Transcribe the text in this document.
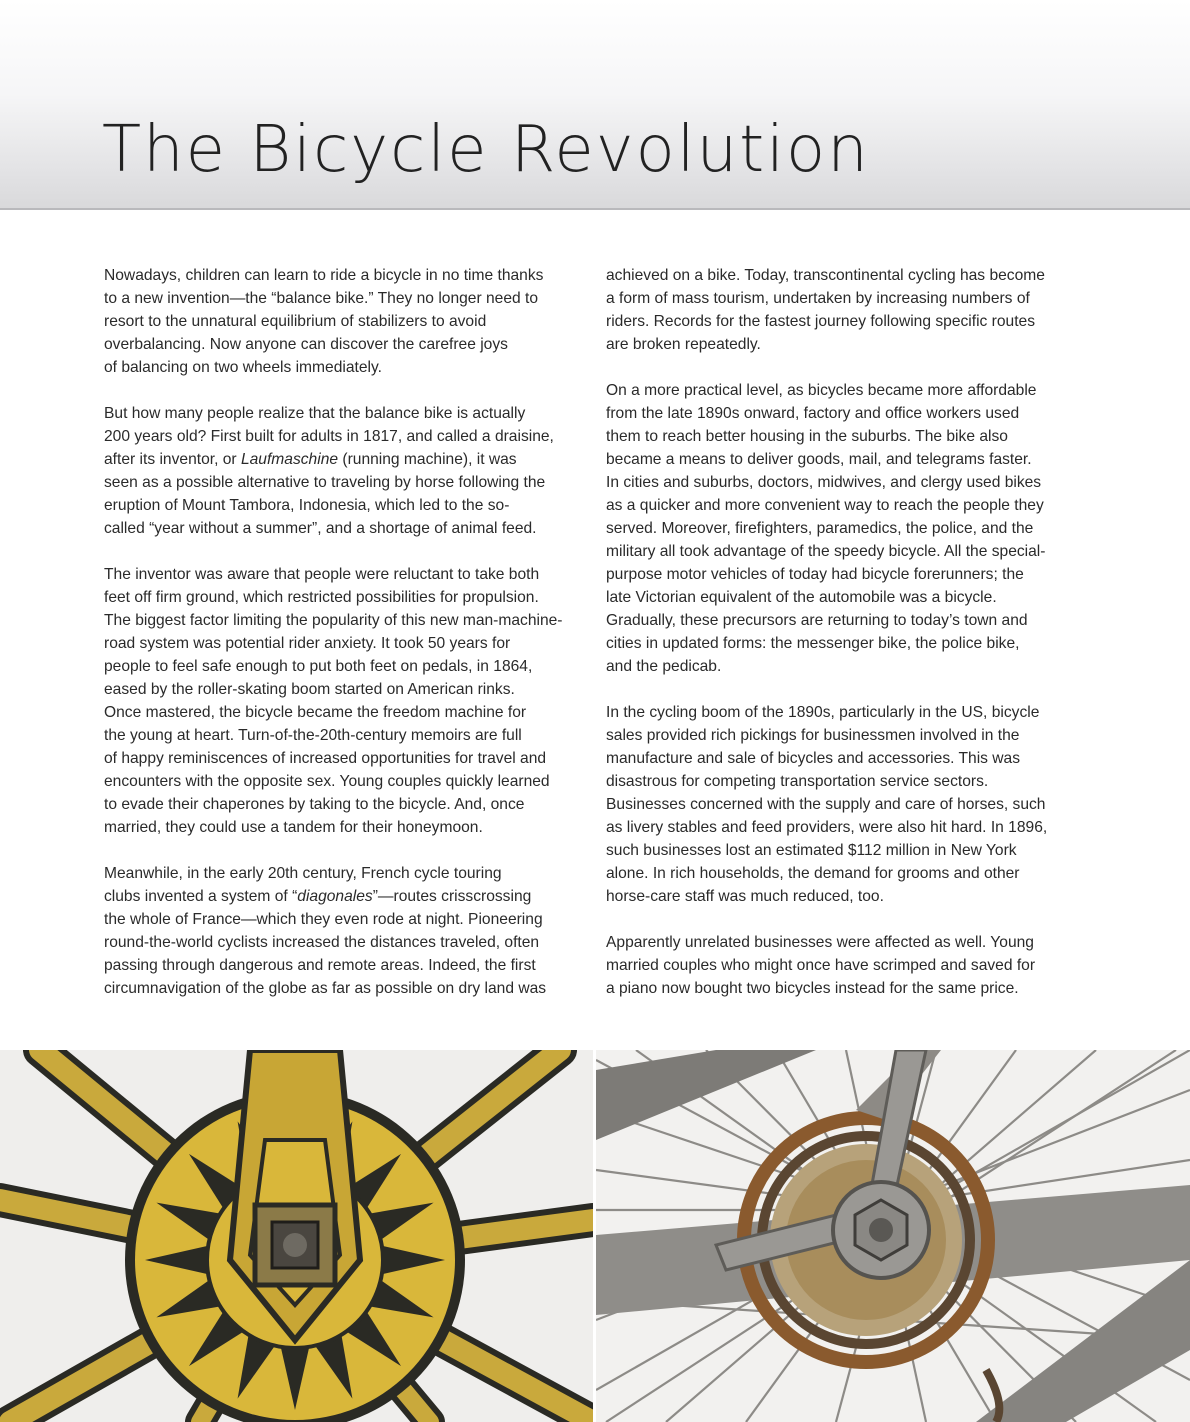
The Bicycle Revolution

Nowadays, children can learn to ride a bicycle in no time thanks
to a new invention—the “balance bike.” They no longer need to
resort to the unnatural equilibrium of stabilizers to avoid
overbalancing. Now anyone can discover the carefree joys
of balancing on two wheels immediately.

But how many people realize that the balance bike is actually
200 years old? First built for adults in 1817, and called a draisine,
after its inventor, or Laufmaschine (running machine), it was
seen as a possible alternative to traveling by horse following the
eruption of Mount Tambora, Indonesia, which led to the so-
called “year without a summer”, and a shortage of animal feed.

The inventor was aware that people were reluctant to take both
feet off firm ground, which restricted possibilities for propulsion.
The biggest factor limiting the popularity of this new man-machine-
road system was potential rider anxiety. It took 50 years for
people to feel safe enough to put both feet on pedals, in 1864,
eased by the roller-skating boom started on American rinks.
Once mastered, the bicycle became the freedom machine for
the young at heart. Turn-of-the-20th-century memoirs are full
of happy reminiscences of increased opportunities for travel and
encounters with the opposite sex. Young couples quickly learned
to evade their chaperones by taking to the bicycle. And, once
married, they could use a tandem for their honeymoon.

Meanwhile, in the early 20th century, French cycle touring
clubs invented a system of “diagonales”—routes crisscrossing
the whole of France—which they even rode at night. Pioneering
round-the-world cyclists increased the distances traveled, often
passing through dangerous and remote areas. Indeed, the first
circumnavigation of the globe as far as possible on dry land was

achieved on a bike. Today, transcontinental cycling has become
a form of mass tourism, undertaken by increasing numbers of
riders. Records for the fastest journey following specific routes
are broken repeatedly.

On a more practical level, as bicycles became more affordable
from the late 1890s onward, factory and office workers used
them to reach better housing in the suburbs. The bike also
became a means to deliver goods, mail, and telegrams faster.
In cities and suburbs, doctors, midwives, and clergy used bikes
as a quicker and more convenient way to reach the people they
served. Moreover, firefighters, paramedics, the police, and the
military all took advantage of the speedy bicycle. All the special-
purpose motor vehicles of today had bicycle forerunners; the
late Victorian equivalent of the automobile was a bicycle.
Gradually, these precursors are returning to today’s town and
cities in updated forms: the messenger bike, the police bike,
and the pedicab.

In the cycling boom of the 1890s, particularly in the US, bicycle
sales provided rich pickings for businessmen involved in the
manufacture and sale of bicycles and accessories. This was
disastrous for competing transportation service sectors.
Businesses concerned with the supply and care of horses, such
as livery stables and feed providers, were also hit hard. In 1896,
such businesses lost an estimated $112 million in New York
alone. In rich households, the demand for grooms and other
horse-care staff was much reduced, too.

Apparently unrelated businesses were affected as well. Young
married couples who might once have scrimped and saved for
a piano now bought two bicycles instead for the same price.
